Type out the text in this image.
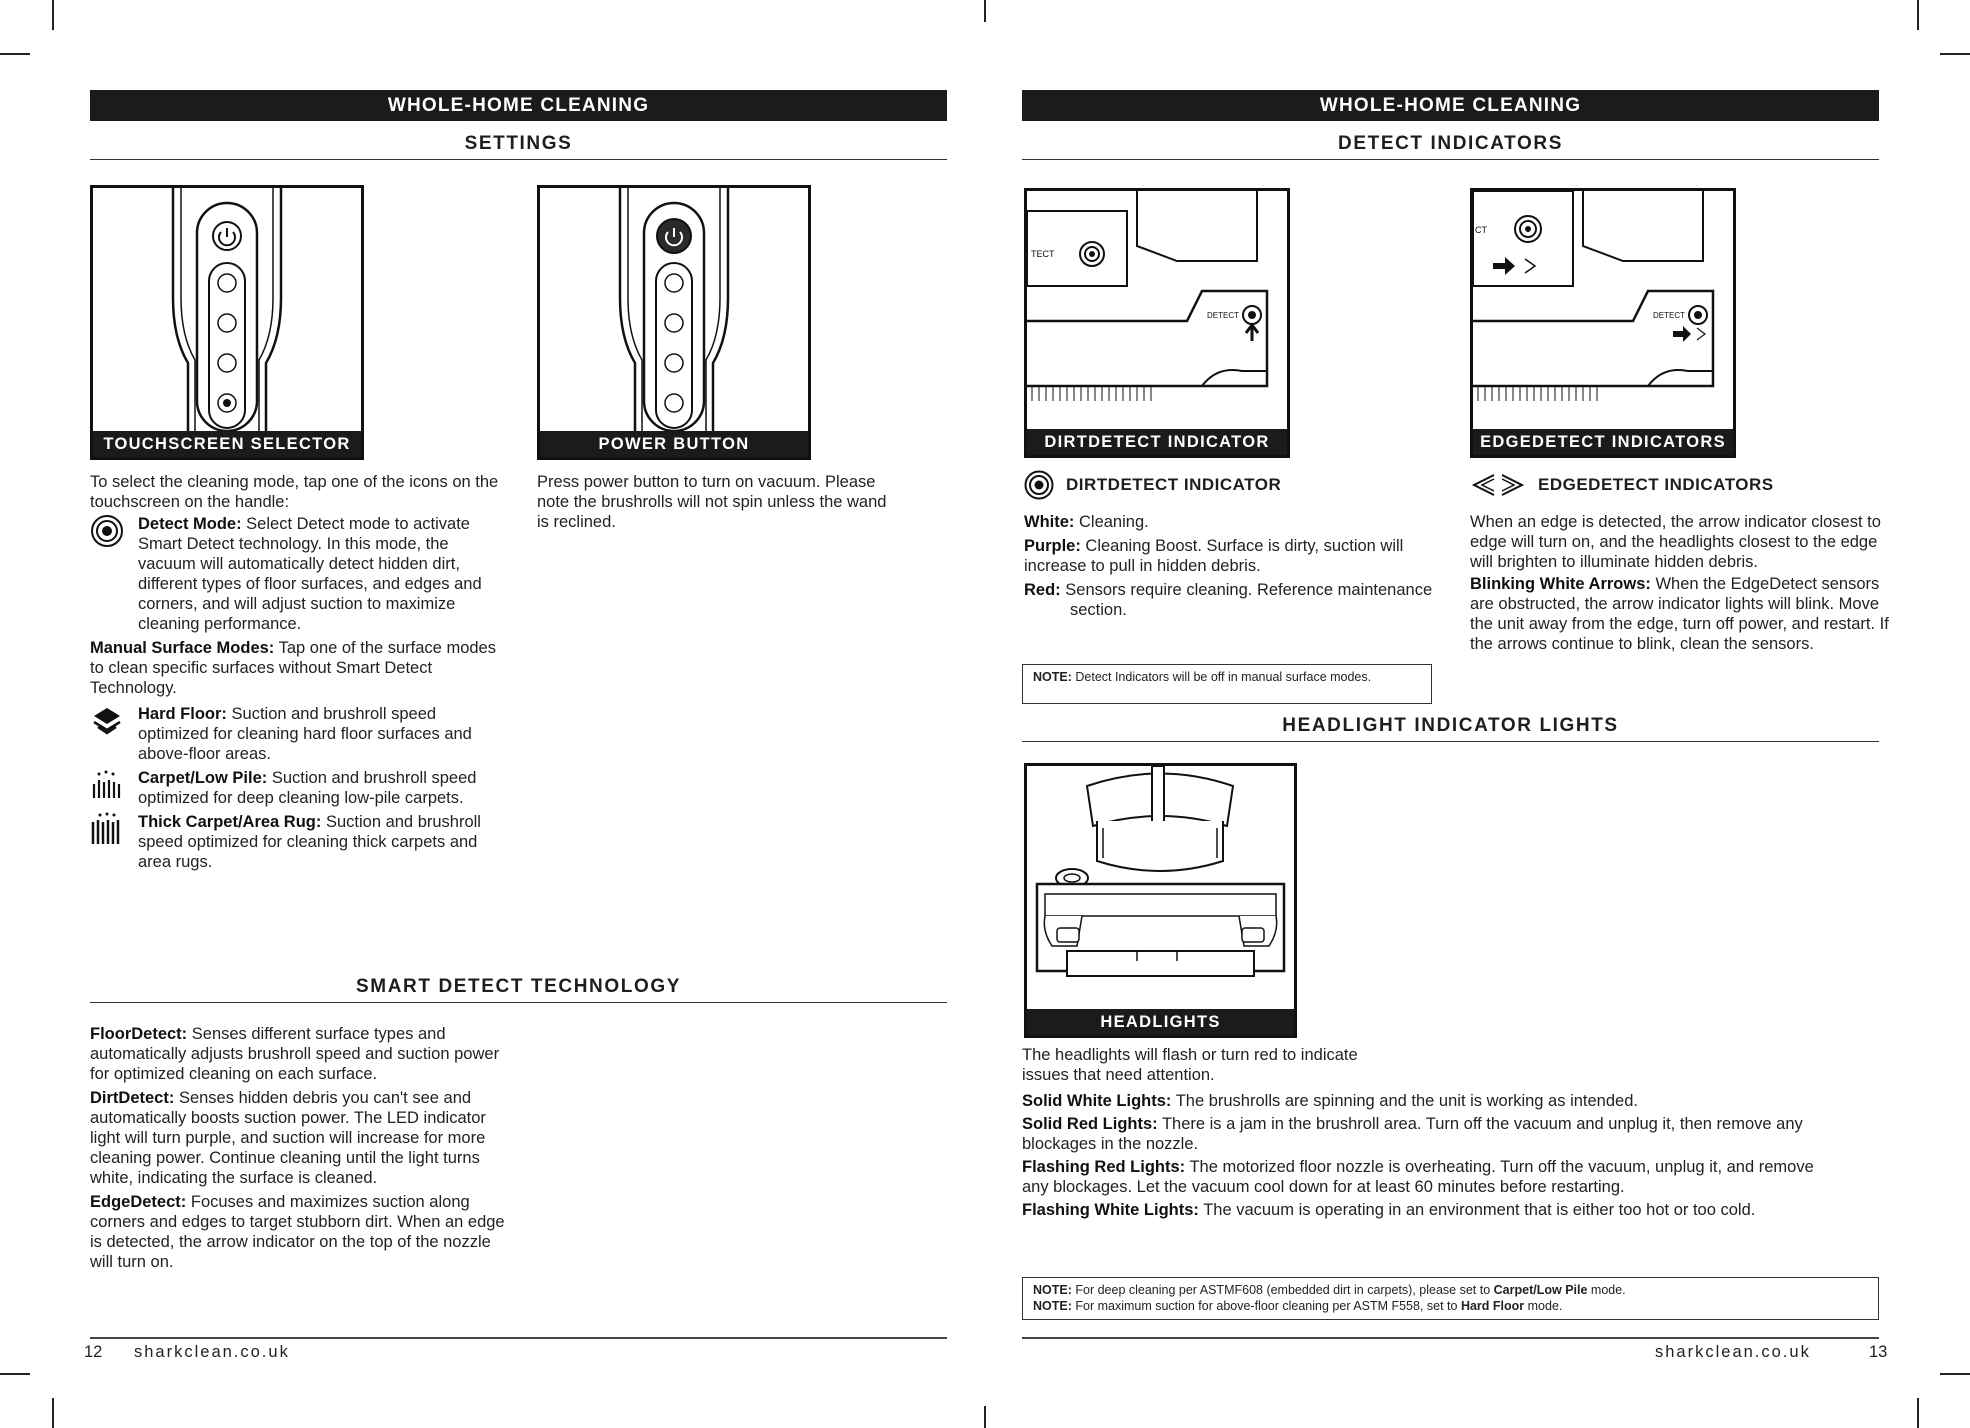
WHOLE-HOME CLEANING
SETTINGS
TOUCHSCREEN SELECTOR	POWER BUTTON

To select the cleaning mode, tap one of the icons on the touchscreen on the handle:

Detect Mode: Select Detect mode to activate Smart Detect technology. In this mode, the vacuum will automatically detect hidden dirt, different types of floor surfaces, and edges and corners, and will adjust suction to maximize cleaning performance.

Manual Surface Modes: Tap one of the surface modes to clean specific surfaces without Smart Detect Technology.

Hard Floor: Suction and brushroll speed optimized for cleaning hard floor surfaces and above-floor areas.
Carpet/Low Pile: Suction and brushroll speed optimized for deep cleaning low-pile carpets.
Thick Carpet/Area Rug: Suction and brushroll speed optimized for cleaning thick carpets and area rugs.
Press power button to turn on vacuum. Please note the brushrolls will not spin unless the wand is reclined.
SMART DETECT TECHNOLOGY

FloorDetect: Senses different surface types and automatically adjusts brushroll speed and suction power for optimized cleaning on each surface.

DirtDetect: Senses hidden debris you can't see and automatically boosts suction power. The LED indicator light will turn purple, and suction will increase for more cleaning power. Continue cleaning until the light turns white, indicating the surface is cleaned.

EdgeDetect: Focuses and maximizes suction along corners and edges to target stubborn dirt. When an edge is detected, the arrow indicator on the top of the nozzle will turn on.

12 sharkclean.co.uk
WHOLE-HOME CLEANING
DETECT INDICATORS
TECT
DETECT
DIRTDETECT INDICATOR
CT
DETECT
EDGEDETECT INDICATORS
DIRTDETECT INDICATOR

White: Cleaning.

Purple: Cleaning Boost. Surface is dirty, suction will increase to pull in hidden debris.

Red: Sensors require cleaning. Reference maintenance section.

NOTE: Detect Indicators will be off in manual surface modes.
EDGEDETECT INDICATORS

When an edge is detected, the arrow indicator closest to edge will turn on, and the headlights closest to the edge will brighten to illuminate hidden debris.

Blinking White Arrows: When the EdgeDetect sensors are obstructed, the arrow indicator lights will blink. Move the unit away from the edge, turn off power, and restart. If the arrows continue to blink, clean the sensors.

HEADLIGHT INDICATOR LIGHTS
HEADLIGHTS
The headlights will flash or turn red to indicate issues that need attention.

Solid White Lights: The brushrolls are spinning and the unit is working as intended.

Solid Red Lights: There is a jam in the brushroll area. Turn off the vacuum and unplug it, then remove any blockages in the nozzle.

Flashing Red Lights: The motorized floor nozzle is overheating. Turn off the vacuum, unplug it, and remove any blockages. Let the vacuum cool down for at least 60 minutes before restarting.

Flashing White Lights: The vacuum is operating in an environment that is either too hot or too cold.

NOTE: For deep cleaning per ASTMF608 (embedded dirt in carpets), please set to Carpet/Low Pile mode.
NOTE: For maximum suction for above-floor cleaning per ASTM F558, set to Hard Floor mode.
sharkclean.co.uk	13
